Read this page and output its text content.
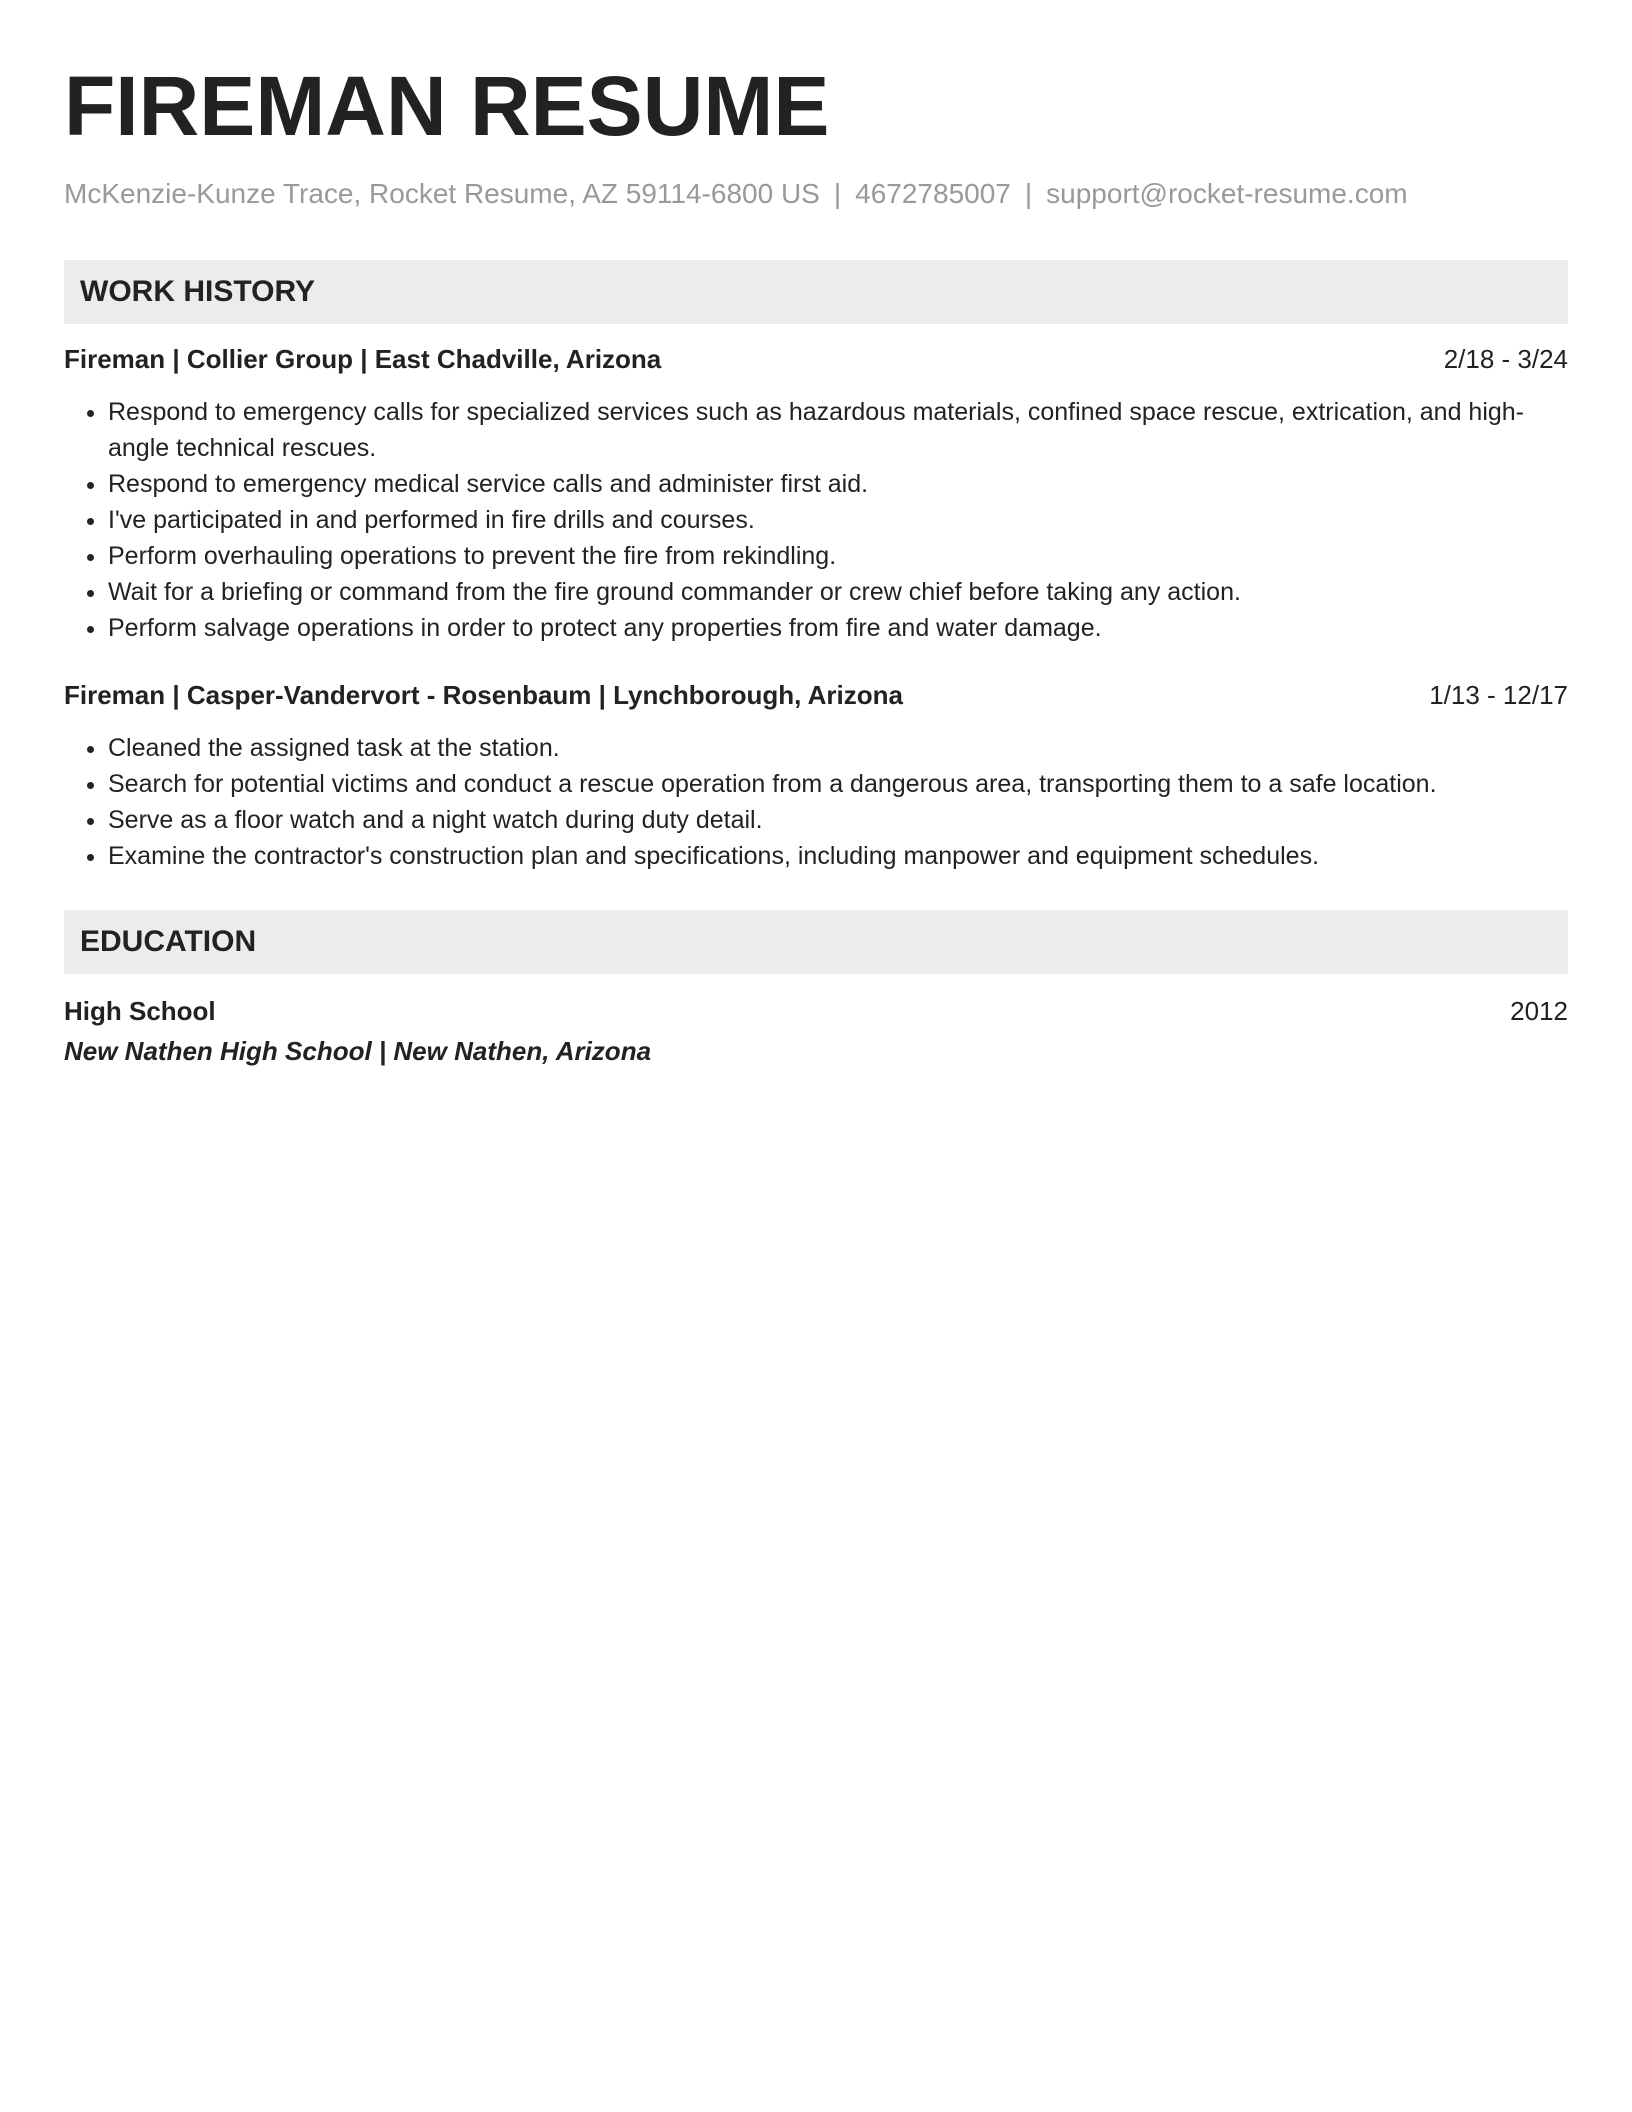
FIREMAN RESUME
McKenzie-Kunze Trace, Rocket Resume, AZ 59114-6800 US | 4672785007 | support@rocket-resume.com
WORK HISTORY
Fireman | Collier Group | East Chadville, Arizona	2/18 - 3/24
• Respond to emergency calls for specialized services such as hazardous materials, confined space rescue, extrication, and high-angle technical rescues.
• Respond to emergency medical service calls and administer first aid.
• I've participated in and performed in fire drills and courses.
• Perform overhauling operations to prevent the fire from rekindling.
• Wait for a briefing or command from the fire ground commander or crew chief before taking any action.
• Perform salvage operations in order to protect any properties from fire and water damage.
Fireman | Casper-Vandervort - Rosenbaum | Lynchborough, Arizona	1/13 - 12/17
• Cleaned the assigned task at the station.
• Search for potential victims and conduct a rescue operation from a dangerous area, transporting them to a safe location.
• Serve as a floor watch and a night watch during duty detail.
• Examine the contractor's construction plan and specifications, including manpower and equipment schedules.
EDUCATION
High School	2012
New Nathen High School | New Nathen, Arizona
